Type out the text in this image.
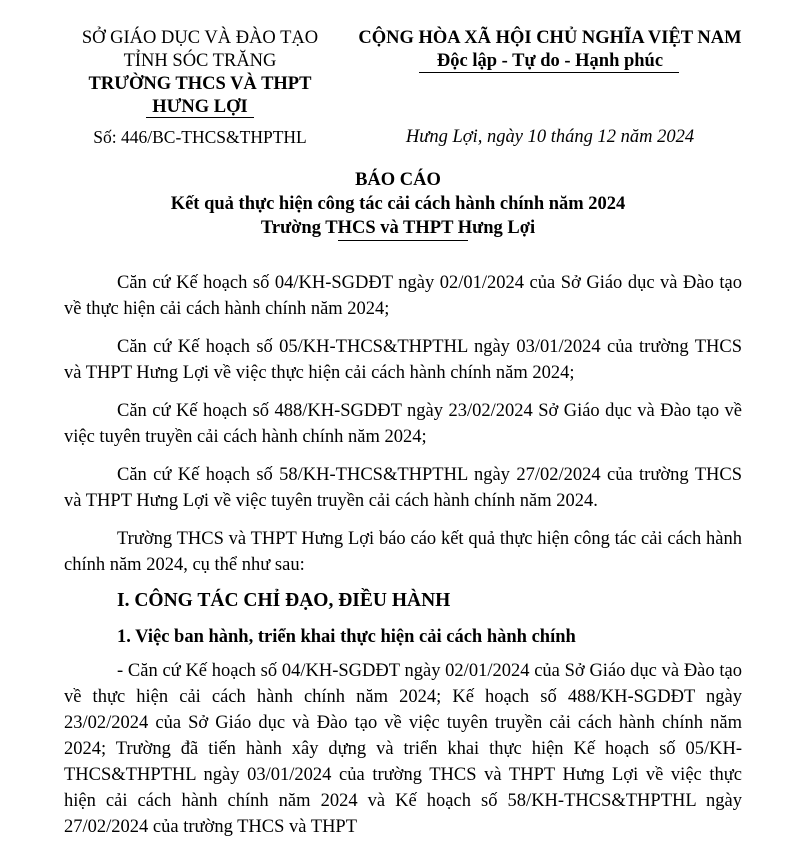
SỞ GIÁO DỤC VÀ ĐÀO TẠO
TỈNH SÓC TRĂNG
TRƯỜNG THCS VÀ THPT
HƯNG LỢI
Số: 446/BC-THCS&THPTHL
CỘNG HÒA XÃ HỘI CHỦ NGHĨA VIỆT NAM
Độc lập - Tự do - Hạnh phúc
Hưng Lợi, ngày 10 tháng 12 năm 2024
BÁO CÁO
Kết quả thực hiện công tác cải cách hành chính năm 2024
Trường THCS và THPT Hưng Lợi

Căn cứ Kế hoạch số 04/KH-SGDĐT ngày 02/01/2024 của Sở Giáo dục và Đào tạo về thực hiện cải cách hành chính năm 2024;

Căn cứ Kế hoạch số 05/KH-THCS&THPTHL ngày 03/01/2024 của trường THCS và THPT Hưng Lợi về việc thực hiện cải cách hành chính năm 2024;

Căn cứ Kế hoạch số 488/KH-SGDĐT ngày 23/02/2024 Sở Giáo dục và Đào tạo về việc tuyên truyền cải cách hành chính năm 2024;

Căn cứ Kế hoạch số 58/KH-THCS&THPTHL ngày 27/02/2024 của trường THCS và THPT Hưng Lợi về việc tuyên truyền cải cách hành chính năm 2024.

Trường THCS và THPT Hưng Lợi báo cáo kết quả thực hiện công tác cải cách hành chính năm 2024, cụ thể như sau:

I. CÔNG TÁC CHỈ ĐẠO, ĐIỀU HÀNH
1. Việc ban hành, triển khai thực hiện cải cách hành chính

- Căn cứ Kế hoạch số 04/KH-SGDĐT ngày 02/01/2024 của Sở Giáo dục và Đào tạo về thực hiện cải cách hành chính năm 2024; Kế hoạch số 488/KH-SGDĐT ngày 23/02/2024 của Sở Giáo dục và Đào tạo về việc tuyên truyền cải cách hành chính năm 2024; Trường đã tiến hành xây dựng và triển khai thực hiện Kế hoạch số 05/KH-THCS&THPTHL ngày 03/01/2024 của trường THCS và THPT Hưng Lợi về việc thực hiện cải cách hành chính năm 2024 và Kế hoạch số 58/KH-THCS&THPTHL ngày 27/02/2024 của trường THCS và THPT
